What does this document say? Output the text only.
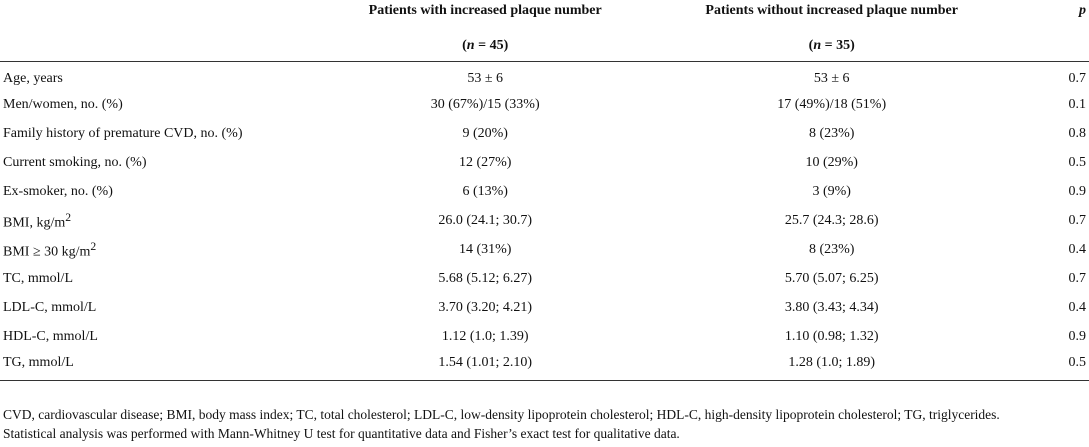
	Patients with increased plaque number	Patients without increased plaque number	p
	(n = 45)	(n = 35)	
Age, years	53 ± 6	53 ± 6	0.7
Men/women, no. (%)	30 (67%)/15 (33%)	17 (49%)/18 (51%)	0.1
Family history of premature CVD, no. (%)	9 (20%)	8 (23%)	0.8
Current smoking, no. (%)	12 (27%)	10 (29%)	0.5
Ex-smoker, no. (%)	6 (13%)	3 (9%)	0.9
BMI, $kg/m^2$	26.0 (24.1; 30.7)	25.7 (24.3; 28.6)	0.7
BMI ≥ 30 $kg/m^2$	14 (31%)	8 (23%)	0.4
TC, mmol/L	5.68 (5.12; 6.27)	5.70 (5.07; 6.25)	0.7
LDL-C, mmol/L	3.70 (3.20; 4.21)	3.80 (3.43; 4.34)	0.4
HDL-C, mmol/L	1.12 (1.0; 1.39)	1.10 (0.98; 1.32)	0.9
TG, mmol/L	1.54 (1.01; 2.10)	1.28 (1.0; 1.89)	0.5
CVD, cardiovascular disease; BMI, body mass index; TC, total cholesterol; LDL-C, low-density lipoprotein cholesterol; HDL-C, high-density lipoprotein cholesterol; TG, triglycerides.
Statistical analysis was performed with Mann-Whitney U test for quantitative data and Fisher’s exact test for qualitative data.
